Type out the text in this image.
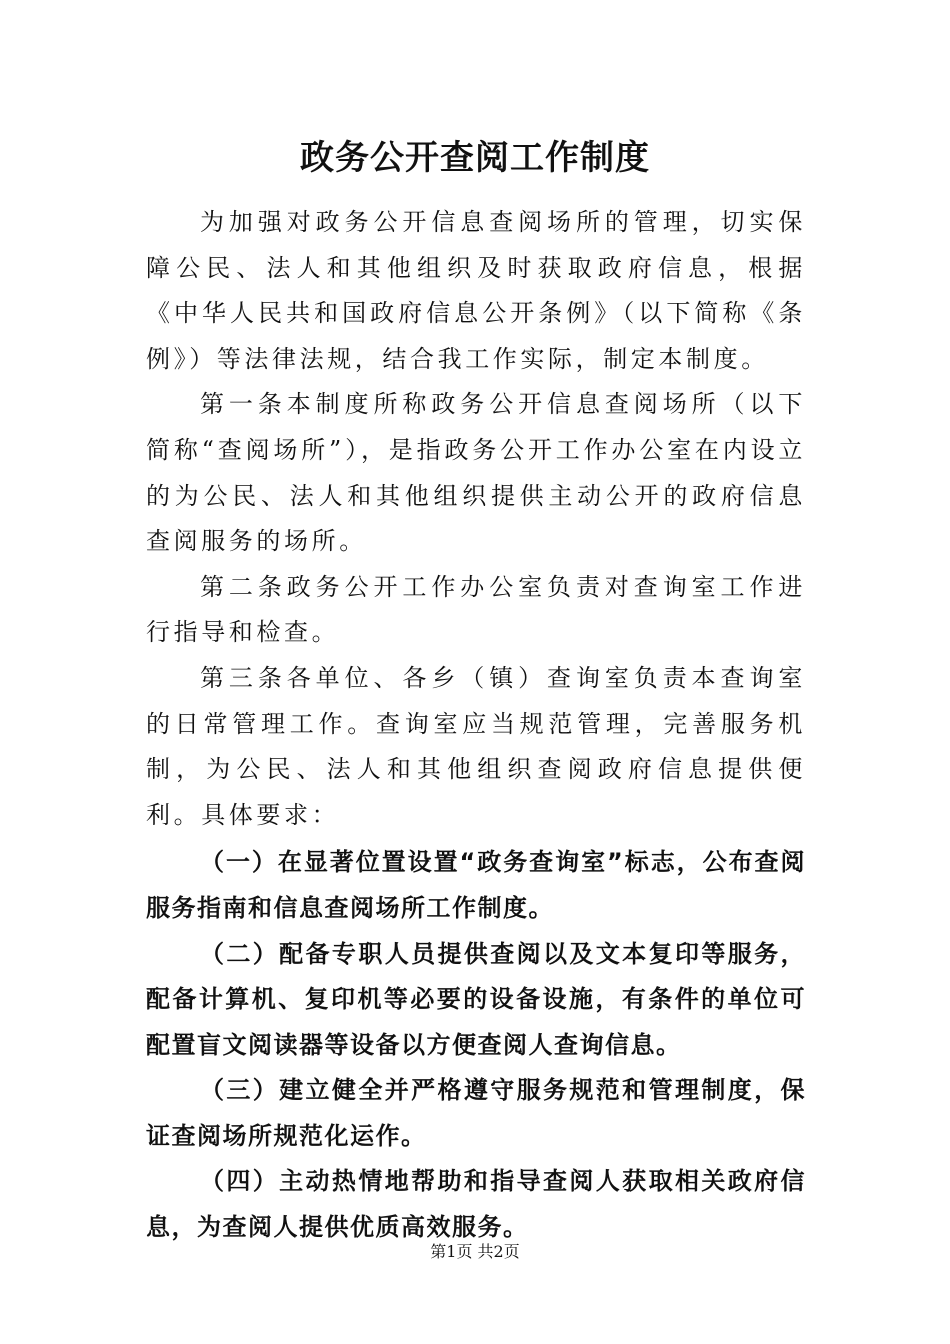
政务公开查阅工作制度

为加强对政务公开信息查阅场所的管理，切实保障公民、法人和其他组织及时获取政府信息，根据《中华人民共和国政府信息公开条例》（以下简称《条例》）等法律法规，结合我工作实际，制定本制度。

第一条本制度所称政务公开信息查阅场所（以下简称“查阅场所”），是指政务公开工作办公室在内设立的为公民、法人和其他组织提供主动公开的政府信息查阅服务的场所。

第二条政务公开工作办公室负责对查询室工作进行指导和检查。

第三条各单位、各乡（镇）查询室负责本查询室的日常管理工作。查询室应当规范管理，完善服务机制，为公民、法人和其他组织查阅政府信息提供便利。具体要求：

（一）在显著位置设置“政务查询室”标志，公布查阅服务指南和信息查阅场所工作制度。

（二）配备专职人员提供查阅以及文本复印等服务，配备计算机、复印机等必要的设备设施，有条件的单位可配置盲文阅读器等设备以方便查阅人查询信息。

（三）建立健全并严格遵守服务规范和管理制度，保证查阅场所规范化运作。

（四）主动热情地帮助和指导查阅人获取相关政府信息，为查阅人提供优质高效服务。

第1页 共2页
